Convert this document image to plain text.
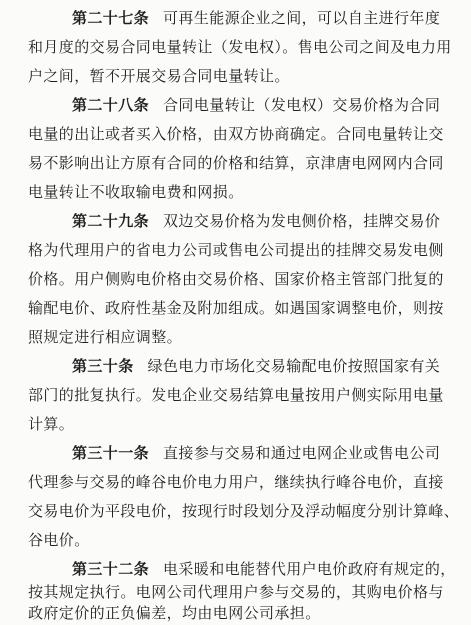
第二十七条 可再生能源企业之间，可以自主进行年度
和月度的交易合同电量转让（发电权）。售电公司之间及电力用
户之间，暂不开展交易合同电量转让。
第二十八条 合同电量转让（发电权）交易价格为合同
电量的出让或者买入价格，由双方协商确定。合同电量转让交
易不影响出让方原有合同的价格和结算，京津唐电网网内合同
电量转让不收取输电费和网损。
第二十九条 双边交易价格为发电侧价格，挂牌交易价
格为代理用户的省电力公司或售电公司提出的挂牌交易发电侧
价格。用户侧购电价格由交易价格、国家价格主管部门批复的
输配电价、政府性基金及附加组成。如遇国家调整电价，则按
照规定进行相应调整。
第三十条 绿色电力市场化交易输配电价按照国家有关
部门的批复执行。发电企业交易结算电量按用户侧实际用电量
计算。
第三十一条 直接参与交易和通过电网企业或售电公司
代理参与交易的峰谷电价电力用户，继续执行峰谷电价，直接
交易电价为平段电价，按现行时段划分及浮动幅度分别计算峰、
谷电价。
第三十二条 电采暖和电能替代用户电价政府有规定的，
按其规定执行。电网公司代理用户参与交易的，其购电价格与
政府定价的正负偏差，均由电网公司承担。
